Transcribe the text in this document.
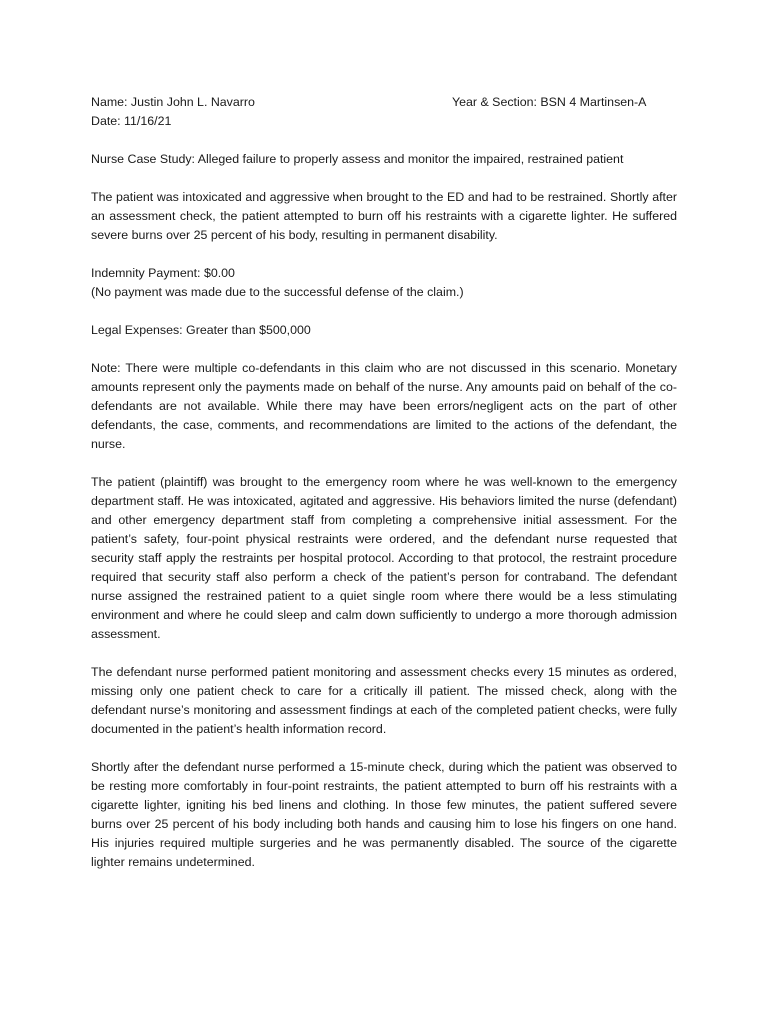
Name: Justin John L. Navarro	Year & Section: BSN 4 Martinsen-A

Date: 11/16/21

Nurse Case Study: Alleged failure to properly assess and monitor the impaired, restrained patient

The patient was intoxicated and aggressive when brought to the ED and had to be restrained. Shortly after an assessment check, the patient attempted to burn off his restraints with a cigarette lighter. He suffered severe burns over 25 percent of his body, resulting in permanent disability.

Indemnity Payment: $0.00

(No payment was made due to the successful defense of the claim.)

Legal Expenses: Greater than $500,000

Note: There were multiple co-defendants in this claim who are not discussed in this scenario. Monetary amounts represent only the payments made on behalf of the nurse. Any amounts paid on behalf of the co-defendants are not available. While there may have been errors/negligent acts on the part of other defendants, the case, comments, and recommendations are limited to the actions of the defendant, the nurse.

The patient (plaintiff) was brought to the emergency room where he was well-known to the emergency department staff. He was intoxicated, agitated and aggressive. His behaviors limited the nurse (defendant) and other emergency department staff from completing a comprehensive initial assessment. For the patient’s safety, four-point physical restraints were ordered, and the defendant nurse requested that security staff apply the restraints per hospital protocol. According to that protocol, the restraint procedure required that security staff also perform a check of the patient’s person for contraband. The defendant nurse assigned the restrained patient to a quiet single room where there would be a less stimulating environment and where he could sleep and calm down sufficiently to undergo a more thorough admission assessment.

The defendant nurse performed patient monitoring and assessment checks every 15 minutes as ordered, missing only one patient check to care for a critically ill patient. The missed check, along with the defendant nurse’s monitoring and assessment findings at each of the completed patient checks, were fully documented in the patient’s health information record.

Shortly after the defendant nurse performed a 15-minute check, during which the patient was observed to be resting more comfortably in four-point restraints, the patient attempted to burn off his restraints with a cigarette lighter, igniting his bed linens and clothing. In those few minutes, the patient suffered severe burns over 25 percent of his body including both hands and causing him to lose his fingers on one hand. His injuries required multiple surgeries and he was permanently disabled. The source of the cigarette lighter remains undetermined.
